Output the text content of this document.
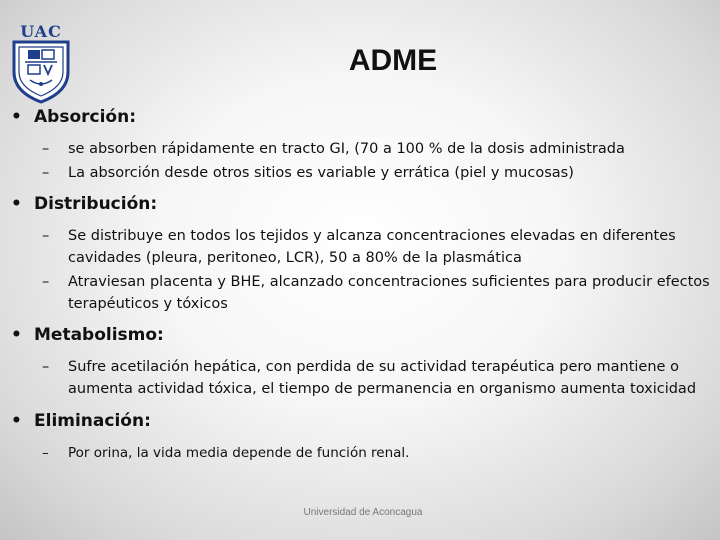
UAC
ADME
• Absorción:
– se absorben rápidamente en tracto GI, (70 a 100 % de la dosis administrada
– La absorción desde otros sitios es variable y errática (piel y mucosas)
• Distribución:
– Se distribuye en todos los tejidos y alcanza concentraciones elevadas en diferentes cavidades (pleura, peritoneo, LCR), 50 a 80% de la plasmática
– Atraviesan placenta y BHE, alcanzado concentraciones suficientes para producir efectos terapéuticos y tóxicos
• Metabolismo:
– Sufre acetilación hepática, con perdida de su actividad terapéutica pero mantiene o aumenta actividad tóxica, el tiempo de permanencia en organismo aumenta toxicidad
• Eliminación:
– Por orina, la vida media depende de función renal.
Universidad de Aconcagua
